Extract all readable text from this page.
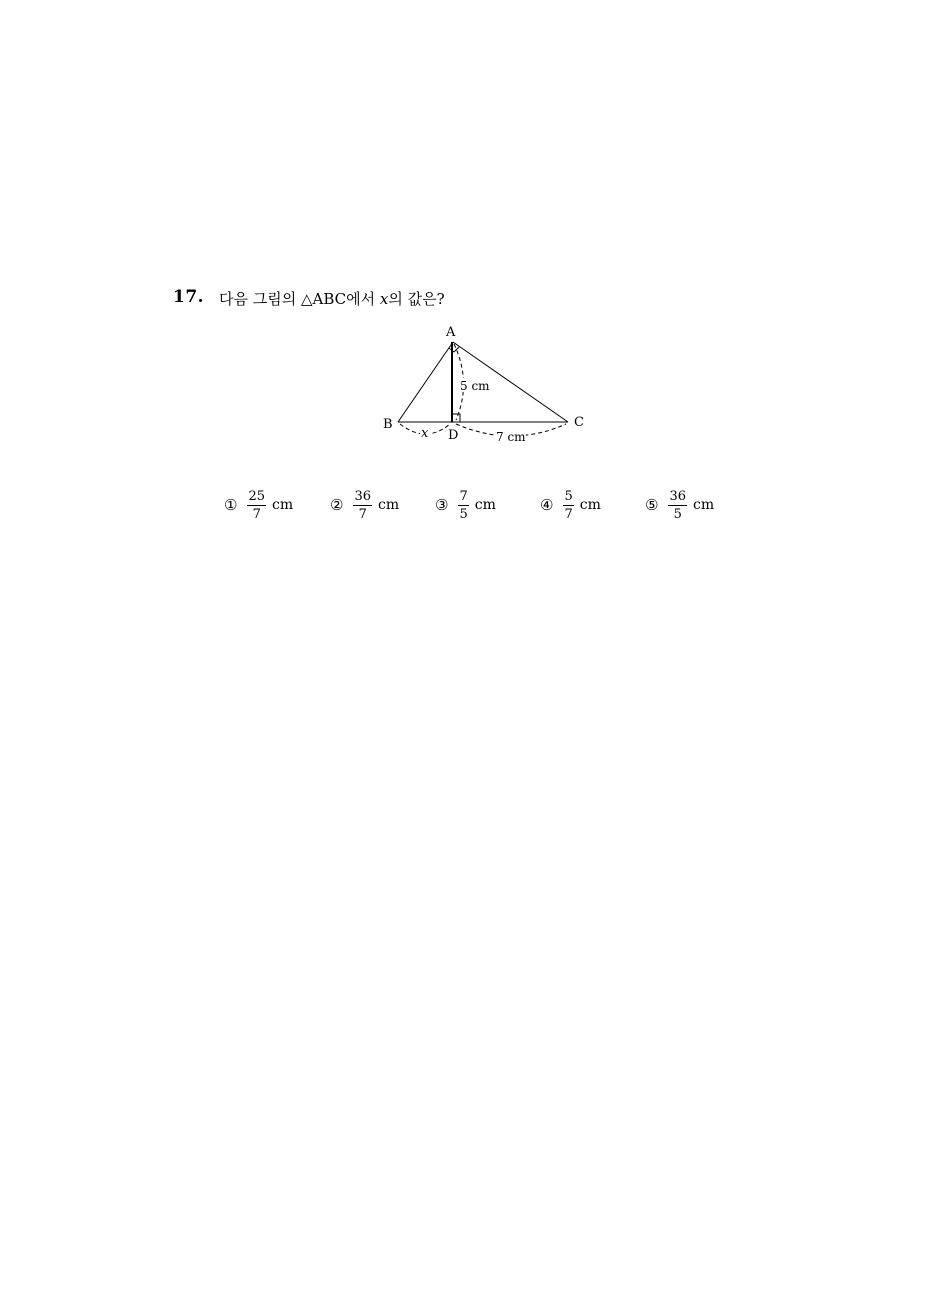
17. 다음 그림의 △ABC에서 x의 값은?
A
B	C
D
x
5 cm
7 cm
① $\frac{25}{7}$ cm ② $\frac{36}{7}$ cm ③ $\frac{7}{5}$ cm	④ $\frac{5}{7}$ cm	⑤ $\frac{36}{5}$ cm
